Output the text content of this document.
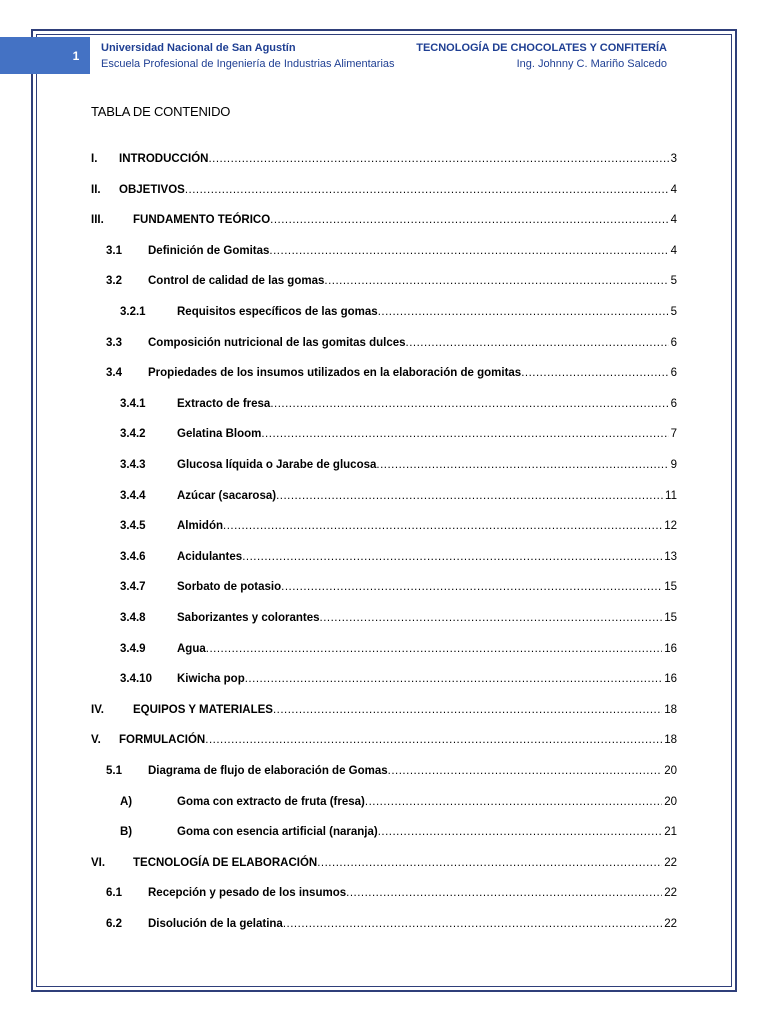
1
Universidad Nacional de San Agustín
Escuela Profesional de Ingeniería de Industrias Alimentarias
TECNOLOGÍA DE CHOCOLATES Y CONFITERÍA
Ing. Johnny C. Mariño Salcedo
TABLA DE CONTENIDO
I.	INTRODUCCIÓN .....	3
II.	OBJETIVOS .....	4
III.	FUNDAMENTO TEÓRICO .....	4
3.1	Definición de Gomitas .....	4
3.2	Control de calidad de las gomas .....	5
3.2.1	Requisitos específicos de las gomas .....	5
3.3	Composición nutricional de las gomitas dulces .....	6
3.4	Propiedades de los insumos utilizados en la elaboración de gomitas .....	6
3.4.1	Extracto de fresa .....	6
3.4.2	Gelatina Bloom .....	7
3.4.3	Glucosa líquida o Jarabe de glucosa .....	9
3.4.4	Azúcar (sacarosa) .....	11
3.4.5	Almidón .....	12
3.4.6	Acidulantes .....	13
3.4.7	Sorbato de potasio .....	15
3.4.8	Saborizantes y colorantes .....	15
3.4.9	Agua .....	16
3.4.10	Kiwicha pop .....	16
IV.	EQUIPOS Y MATERIALES .....	18
V.	FORMULACIÓN .....	18
5.1	Diagrama de flujo de elaboración de Gomas .....	20
A)	Goma con extracto de fruta (fresa) .....	20
B)	Goma con esencia artificial (naranja) .....	21
VI.	TECNOLOGÍA DE ELABORACIÓN .....	22
6.1	Recepción y pesado de los insumos .....	22
6.2	Disolución de la gelatina .....	22
